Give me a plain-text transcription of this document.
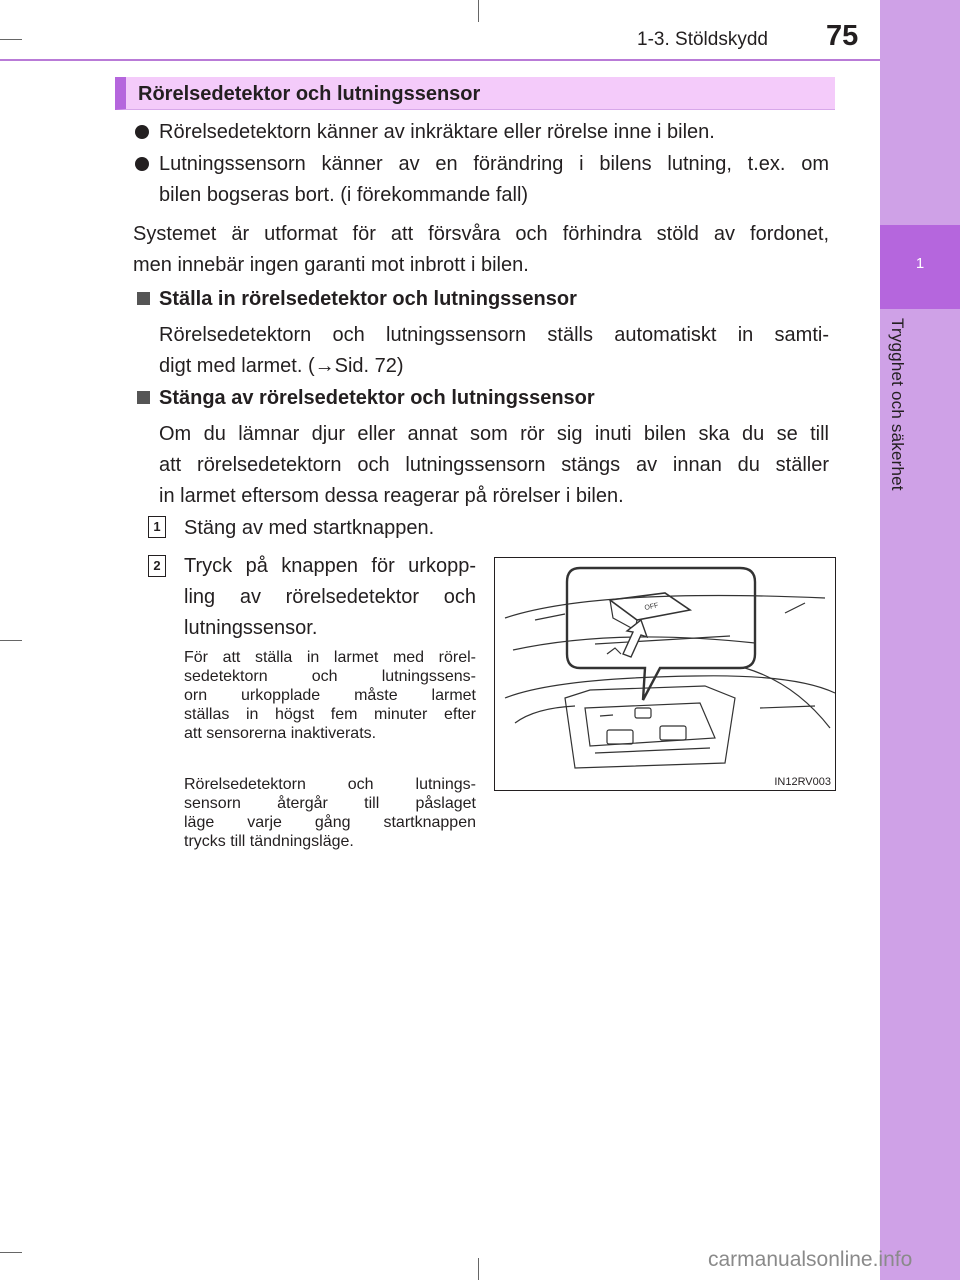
1-3. Stöldskydd 75
1
Trygghet och säkerhet
Rörelsedetektor och lutningssensor
Rörelsedetektorn känner av inkräktare eller rörelse inne i bilen.
Lutningssensorn känner av en förändring i bilens lutning, t.ex. om
bilen bogseras bort. (i förekommande fall)
Systemet är utformat för att försvåra och förhindra stöld av fordonet,
men innebär ingen garanti mot inbrott i bilen.
Ställa in rörelsedetektor och lutningssensor
Rörelsedetektorn och lutningssensorn ställs automatiskt in samti-
digt med larmet. (→Sid. 72)
Stänga av rörelsedetektor och lutningssensor
Om du lämnar djur eller annat som rör sig inuti bilen ska du se till
att rörelsedetektorn och lutningssensorn stängs av innan du ställer
in larmet eftersom dessa reagerar på rörelser i bilen.
1 Stäng av med startknappen.
2 Tryck på knappen för urkopp-
ling av rörelsedetektor och
lutningssensor.
För att ställa in larmet med rörel-
sedetektorn och lutningssens-
orn urkopplade måste larmet
ställas in högst fem minuter efter
att sensorerna inaktiverats.
Rörelsedetektorn och lutnings-
sensorn återgår till påslaget
läge varje gång startknappen
trycks till tändningsläge.
OFF
IN12RV003
carmanualsonline.info
